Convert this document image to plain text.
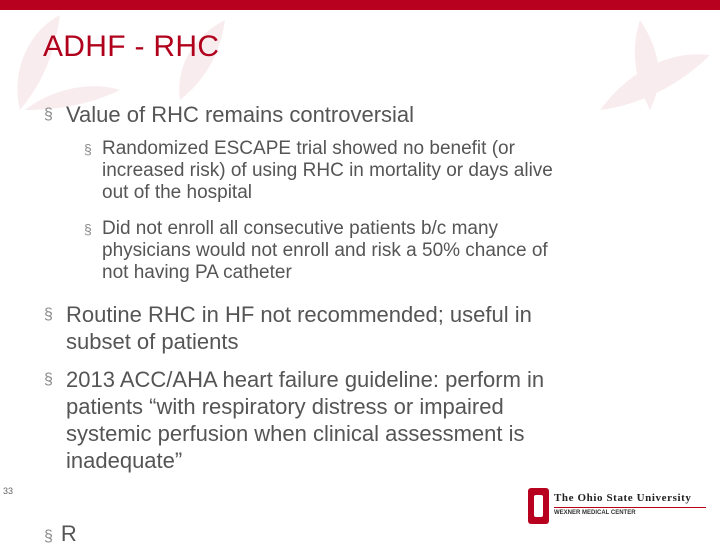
ADHF - RHC
§ Value of RHC remains controversial
§ Randomized ESCAPE trial showed no benefit (or
increased risk) of using RHC in mortality or days alive
out of the hospital
§ Did not enroll all consecutive patients b/c many
physicians would not enroll and risk a 50% chance of
not having PA catheter
§ Routine RHC in HF not recommended; useful in
subset of patients
§ 2013 ACC/AHA heart failure guideline: perform in
patients “with respiratory distress or impaired
systemic perfusion when clinical assessment is
inadequate”
33
The Ohio State University
WEXNER MEDICAL CENTER
§ R
